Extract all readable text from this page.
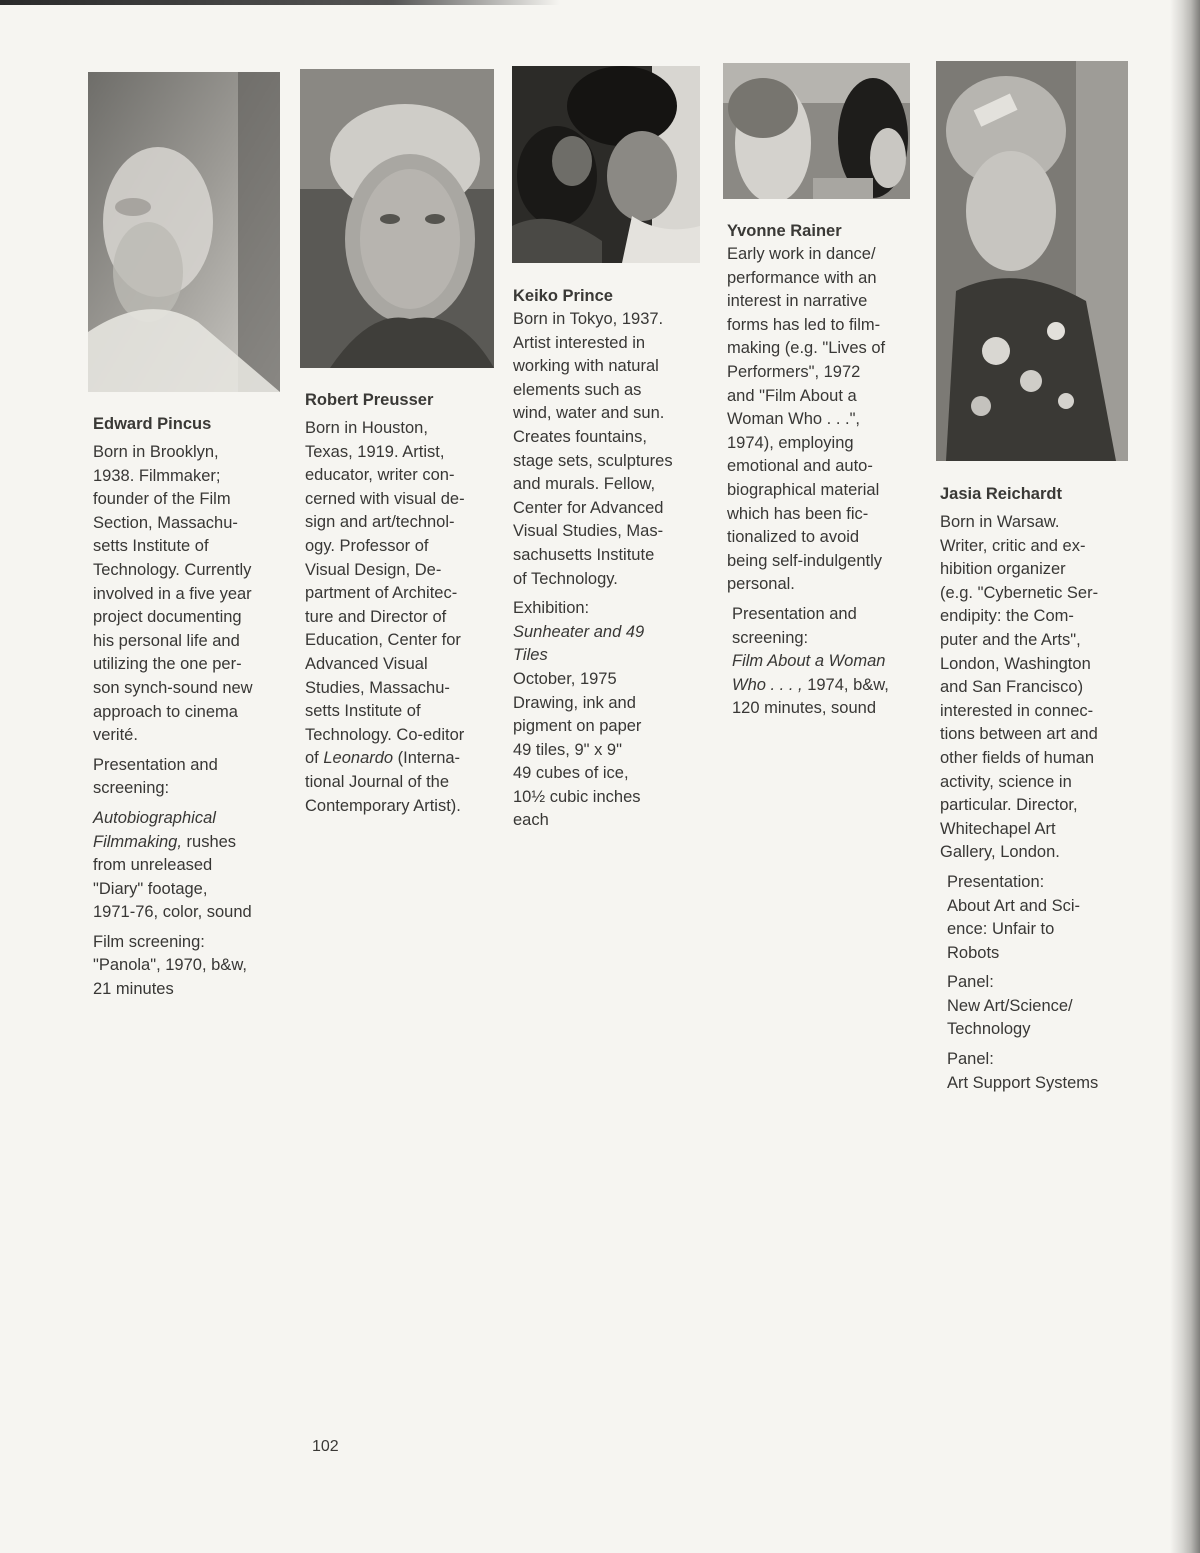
Edward Pincus

Born in Brooklyn,
1938. Filmmaker;
founder of the Film
Section, Massachu-
setts Institute of
Technology. Currently
involved in a five year
project documenting
his personal life and
utilizing the one per-
son synch-sound new
approach to cinema
verité.

Presentation and
screening:

Autobiographical
Filmmaking, rushes
from unreleased
"Diary" footage,
1971-76, color, sound

Film screening:

"Panola", 1970, b&w,
21 minutes

Robert Preusser

Born in Houston,
Texas, 1919. Artist,
educator, writer con-
cerned with visual de-
sign and art/technol-
ogy. Professor of
Visual Design, De-
partment of Architec-
ture and Director of
Education, Center for
Advanced Visual
Studies, Massachu-
setts Institute of
Technology. Co-editor
of Leonardo (Interna-
tional Journal of the
Contemporary Artist).

Keiko Prince

Born in Tokyo, 1937.
Artist interested in
working with natural
elements such as
wind, water and sun.
Creates fountains,
stage sets, sculptures
and murals. Fellow,
Center for Advanced
Visual Studies, Mas-
sachusetts Institute
of Technology.

Exhibition:

Sunheater and 49
Tiles

October, 1975
Drawing, ink and
pigment on paper
49 tiles, 9" x 9"
49 cubes of ice,
10½ cubic inches
each

Yvonne Rainer

Early work in dance/
performance with an
interest in narrative
forms has led to film-
making (e.g. "Lives of
Performers", 1972
and "Film About a
Woman Who . . .",
1974), employing
emotional and auto-
biographical material
which has been fic-
tionalized to avoid
being self-indulgently
personal.

Presentation and
screening:

Film About a Woman
Who . . . , 1974, b&w,
120 minutes, sound

Jasia Reichardt

Born in Warsaw.
Writer, critic and ex-
hibition organizer
(e.g. "Cybernetic Ser-
endipity: the Com-
puter and the Arts",
London, Washington
and San Francisco)
interested in connec-
tions between art and
other fields of human
activity, science in
particular. Director,
Whitechapel Art
Gallery, London.

Presentation:

About Art and Sci-
ence: Unfair to
Robots

Panel:

New Art/Science/
Technology

Panel:

Art Support Systems

102
